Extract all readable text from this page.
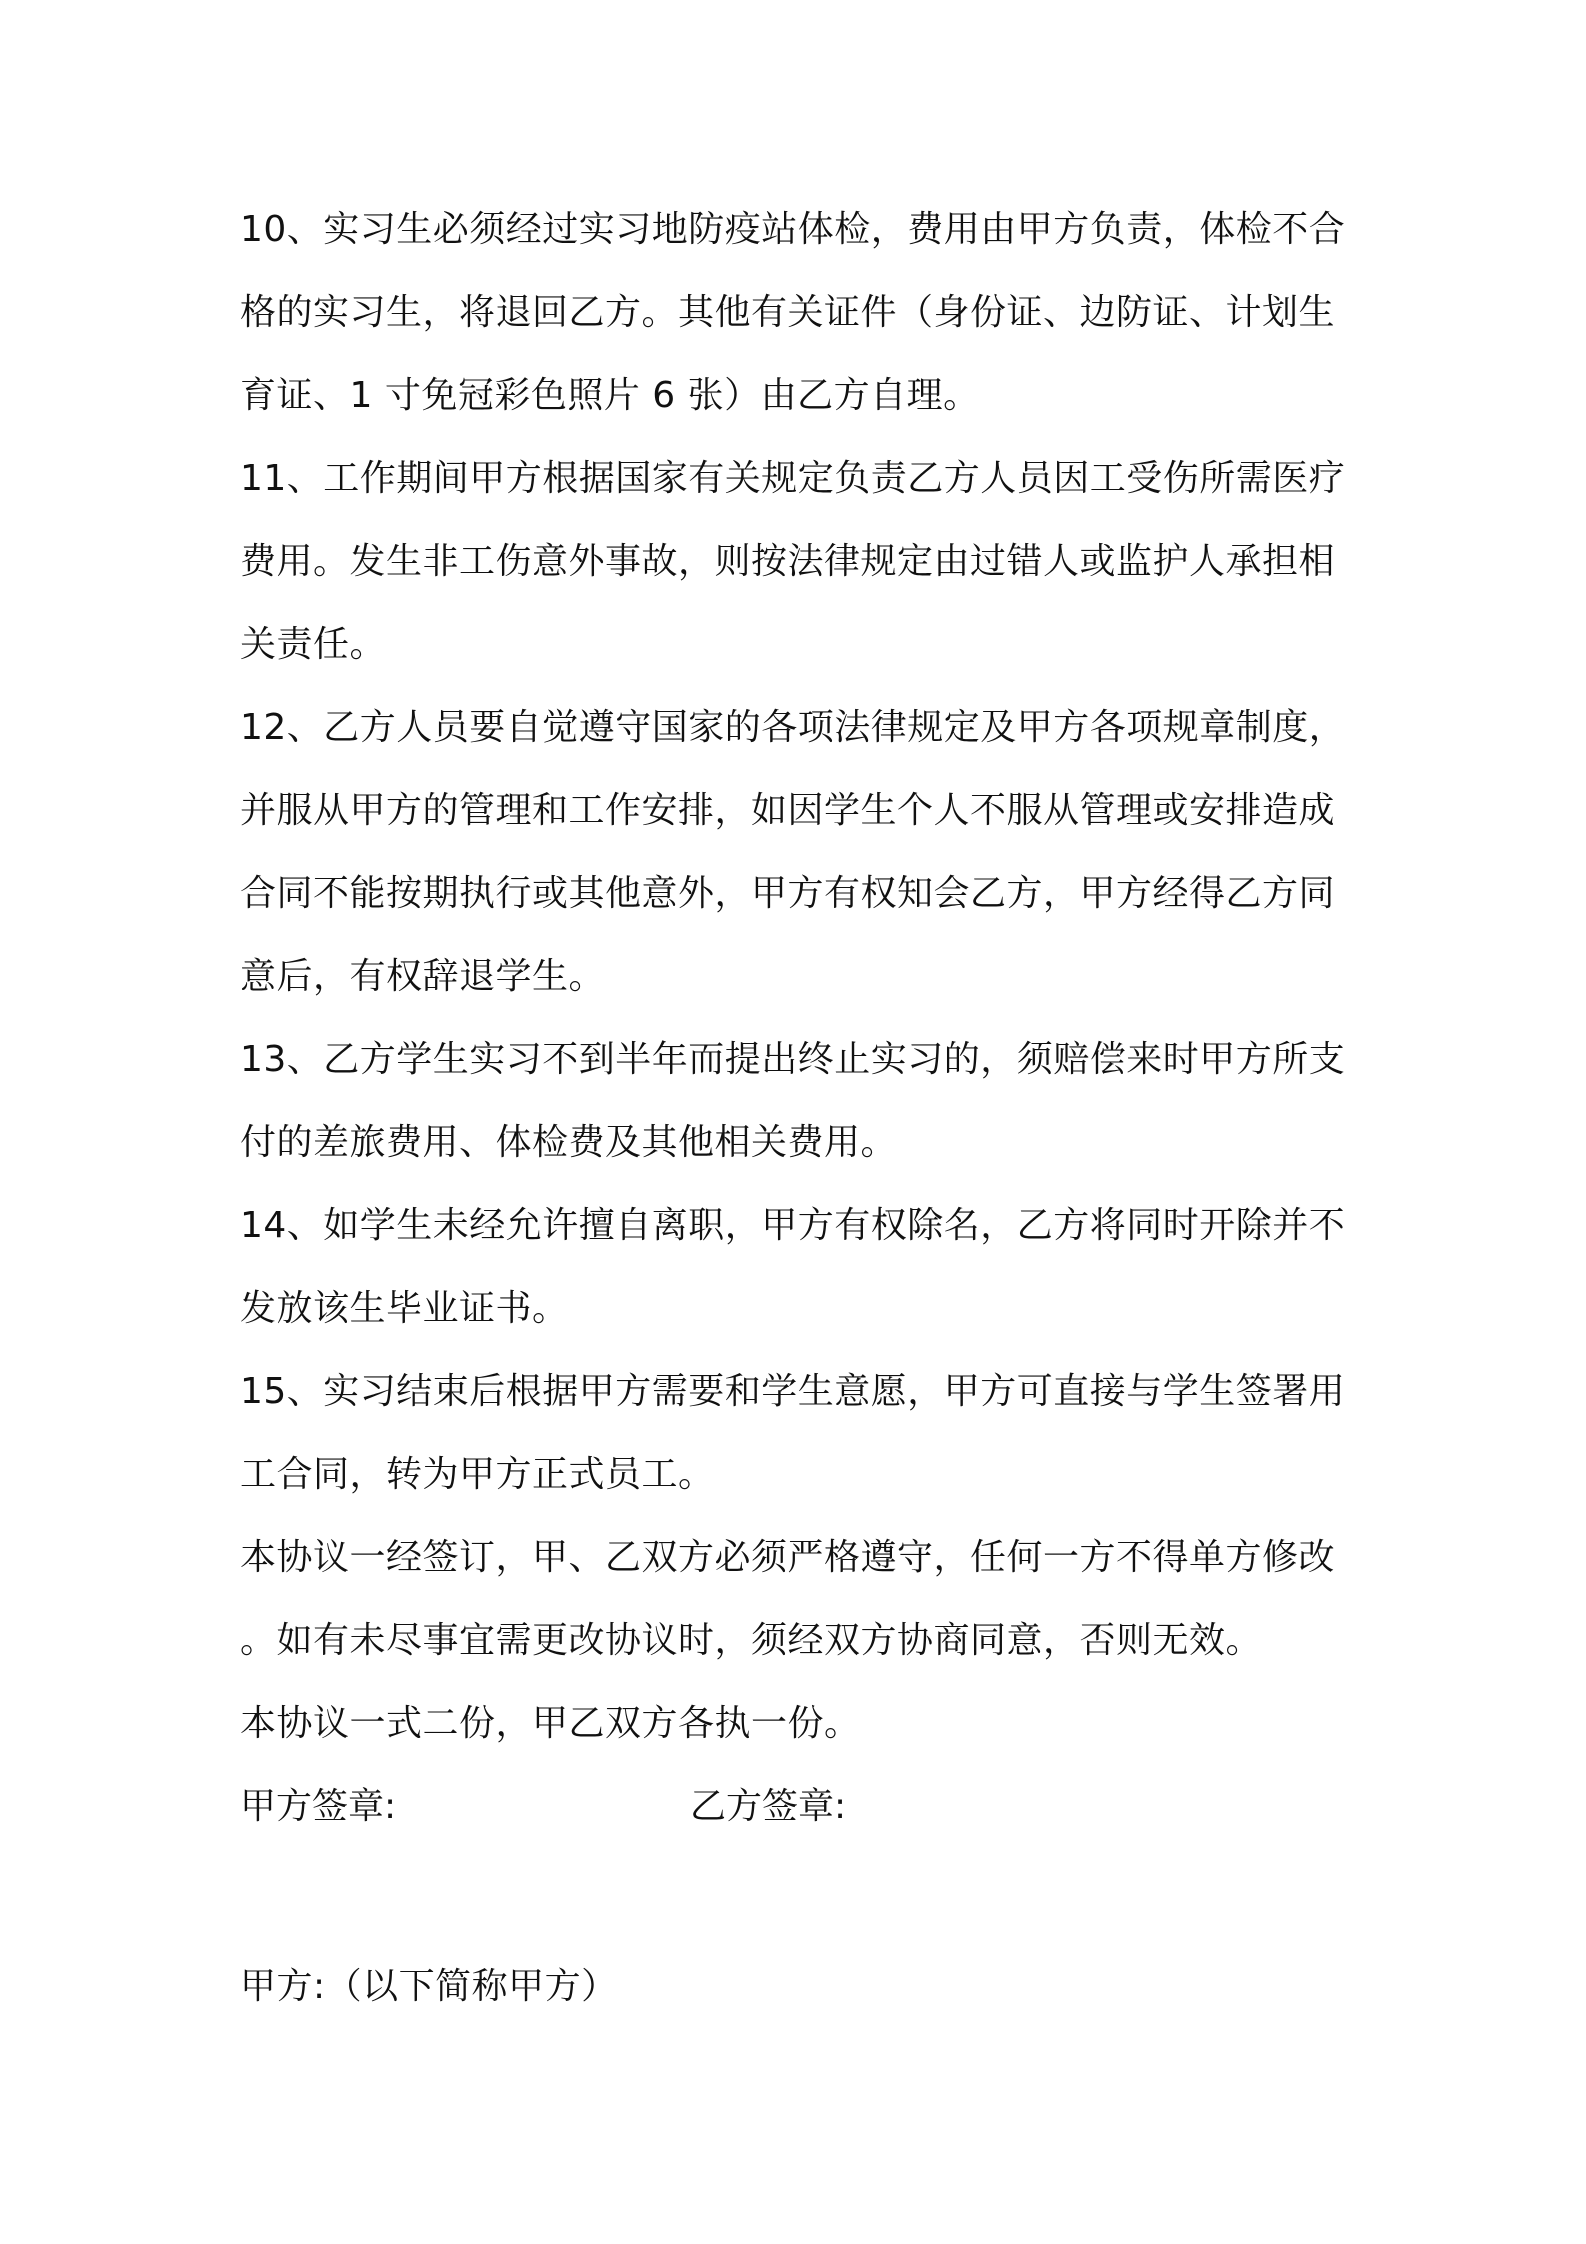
10、实习生必须经过实习地防疫站体检，费用由甲方负责，体检不合
格的实习生，将退回乙方。其他有关证件（身份证、边防证、计划生
育证、1 寸免冠彩色照片 6 张）由乙方自理。
11、工作期间甲方根据国家有关规定负责乙方人员因工受伤所需医疗
费用。发生非工伤意外事故，则按法律规定由过错人或监护人承担相
关责任。
12、乙方人员要自觉遵守国家的各项法律规定及甲方各项规章制度，
并服从甲方的管理和工作安排，如因学生个人不服从管理或安排造成
合同不能按期执行或其他意外，甲方有权知会乙方，甲方经得乙方同
意后，有权辞退学生。
13、乙方学生实习不到半年而提出终止实习的，须赔偿来时甲方所支
付的差旅费用、体检费及其他相关费用。
14、如学生未经允许擅自离职，甲方有权除名，乙方将同时开除并不
发放该生毕业证书。
15、实习结束后根据甲方需要和学生意愿，甲方可直接与学生签署用
工合同，转为甲方正式员工。
本协议一经签订，甲、乙双方必须严格遵守，任何一方不得单方修改
。如有未尽事宜需更改协议时，须经双方协商同意，否则无效。
本协议一式二份，甲乙双方各执一份。
甲方签章:	乙方签章:
甲方:（以下简称甲方）
